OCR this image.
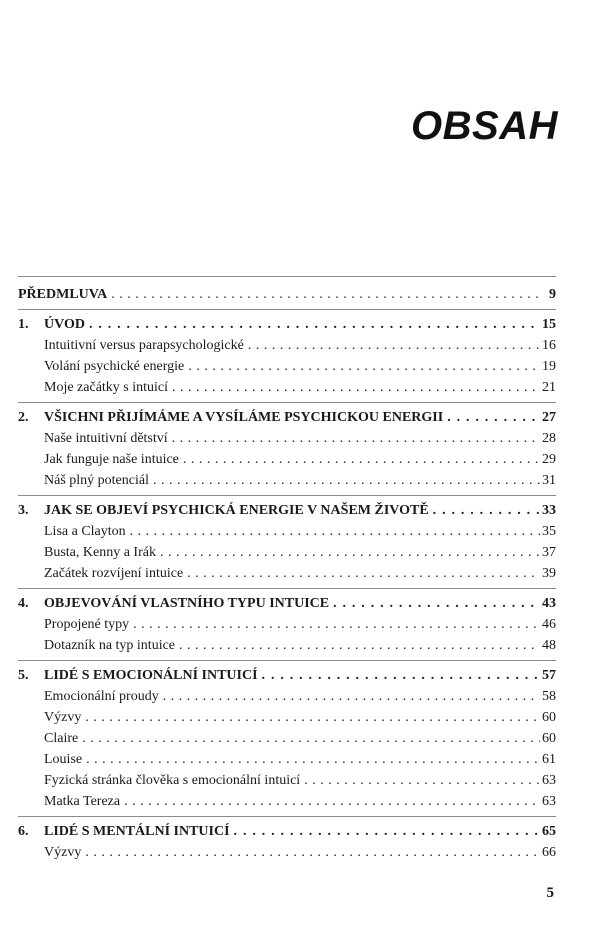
OBSAH
PŘEDMLUVA . . .	9
1.	ÚVOD . . .	15
Intuitivní versus parapsychologické . . .	16
Volání psychické energie . . .	19
Moje začátky s intuicí . . .	21
2.	VŠICHNI PŘIJÍMÁME A VYSÍLÁME PSYCHICKOU ENERGII . . .	27
Naše intuitivní dětství . . .	28
Jak funguje naše intuice . . .	29
Náš plný potenciál . . .	31
3.	JAK SE OBJEVÍ PSYCHICKÁ ENERGIE V NAŠEM ŽIVOTĚ . . .	33
Lisa a Clayton . . .	35
Busta, Kenny a Irák . . .	37
Začátek rozvíjení intuice . . .	39
4.	OBJEVOVÁNÍ VLASTNÍHO TYPU INTUICE . . .	43
Propojené typy . . .	46
Dotazník na typ intuice . . .	48
5.	LIDÉ S EMOCIONÁLNÍ INTUICÍ . . .	57
Emocionální proudy . . .	58
Výzvy . . .	60
Claire . . .	60
Louise . . .	61
Fyzická stránka člověka s emocionální intuicí . . .	63
Matka Tereza . . .	63
6.	LIDÉ S MENTÁLNÍ INTUICÍ . . .	65
Výzvy . . .	66
5
